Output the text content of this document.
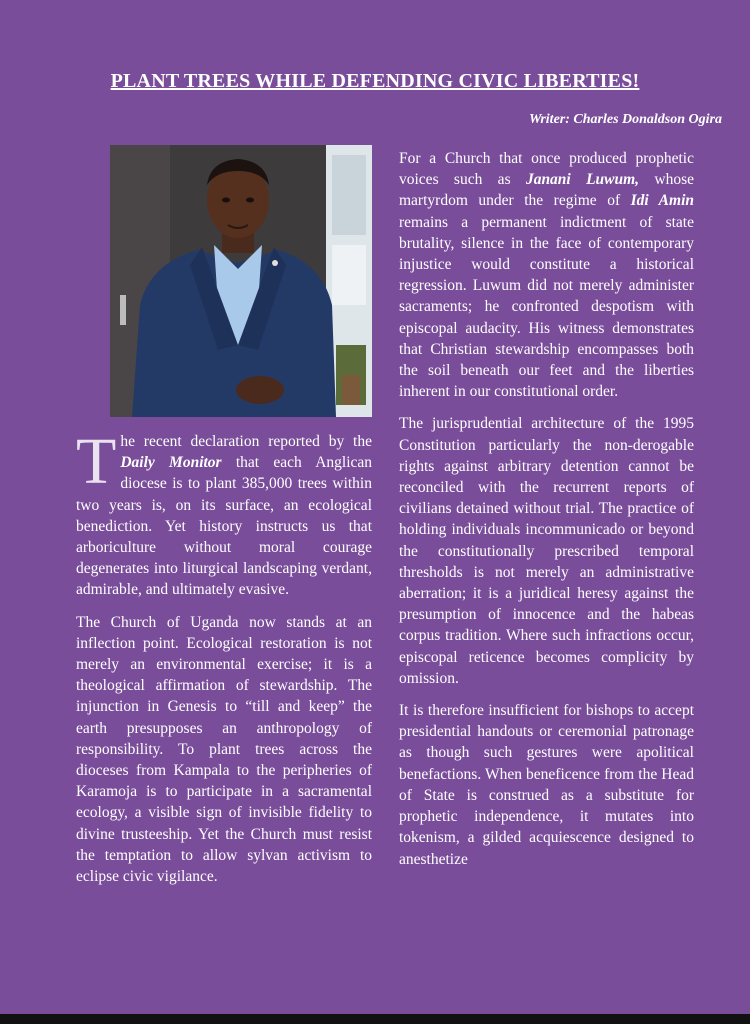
PLANT TREES WHILE DEFENDING CIVIC LIBERTIES!
Writer: Charles Donaldson Ogira

The recent declaration reported by the Daily Monitor that each Anglican diocese is to plant 385,000 trees within two years is, on its surface, an ecological benediction. Yet history instructs us that arboriculture without moral courage degenerates into liturgical landscaping verdant, admirable, and ultimately evasive.

The Church of Uganda now stands at an inflection point. Ecological restoration is not merely an environmental exercise; it is a theological affirmation of stewardship. The injunction in Genesis to “till and keep” the earth presupposes an anthropology of responsibility. To plant trees across the dioceses from Kampala to the peripheries of Karamoja is to participate in a sacramental ecology, a visible sign of invisible fidelity to divine trusteeship. Yet the Church must resist the temptation to allow sylvan activism to eclipse civic vigilance.

For a Church that once produced prophetic voices such as Janani Luwum, whose martyrdom under the regime of Idi Amin remains a permanent indictment of state brutality, silence in the face of contemporary injustice would constitute a historical regression. Luwum did not merely administer sacraments; he confronted despotism with episcopal audacity. His witness demonstrates that Christian stewardship encompasses both the soil beneath our feet and the liberties inherent in our constitutional order.

The jurisprudential architecture of the 1995 Constitution particularly the non-derogable rights against arbitrary detention cannot be reconciled with the recurrent reports of civilians detained without trial. The practice of holding individuals incommunicado or beyond the constitutionally prescribed temporal thresholds is not merely an administrative aberration; it is a juridical heresy against the presumption of innocence and the habeas corpus tradition. Where such infractions occur, episcopal reticence becomes complicity by omission.

It is therefore insufficient for bishops to accept presidential handouts or ceremonial patronage as though such gestures were apolitical benefactions. When beneficence from the Head of State is construed as a substitute for prophetic independence, it mutates into tokenism, a gilded acquiescence designed to anesthetize
